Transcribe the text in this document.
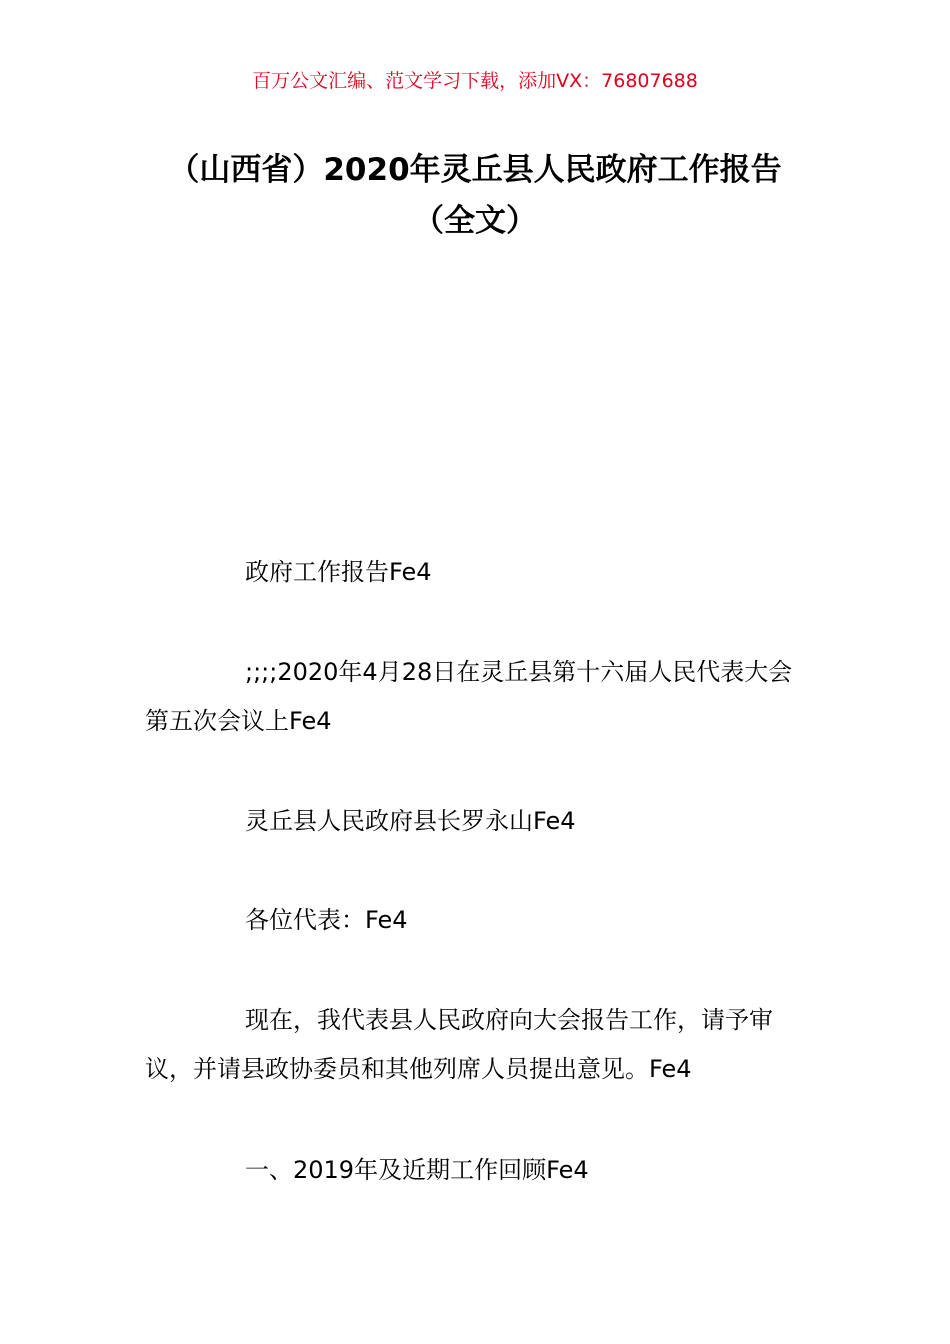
百万公文汇编、范文学习下载，添加VX：76807688
（山西省）2020年灵丘县人民政府工作报告（全文）

政府工作报告Fe4

;;;;2020年4月28日在灵丘县第十六届人民代表大会第五次会议上Fe4

灵丘县人民政府县长罗永山Fe4

各位代表：Fe4

现在，我代表县人民政府向大会报告工作，请予审议，并请县政协委员和其他列席人员提出意见。Fe4

一、2019年及近期工作回顾Fe4
